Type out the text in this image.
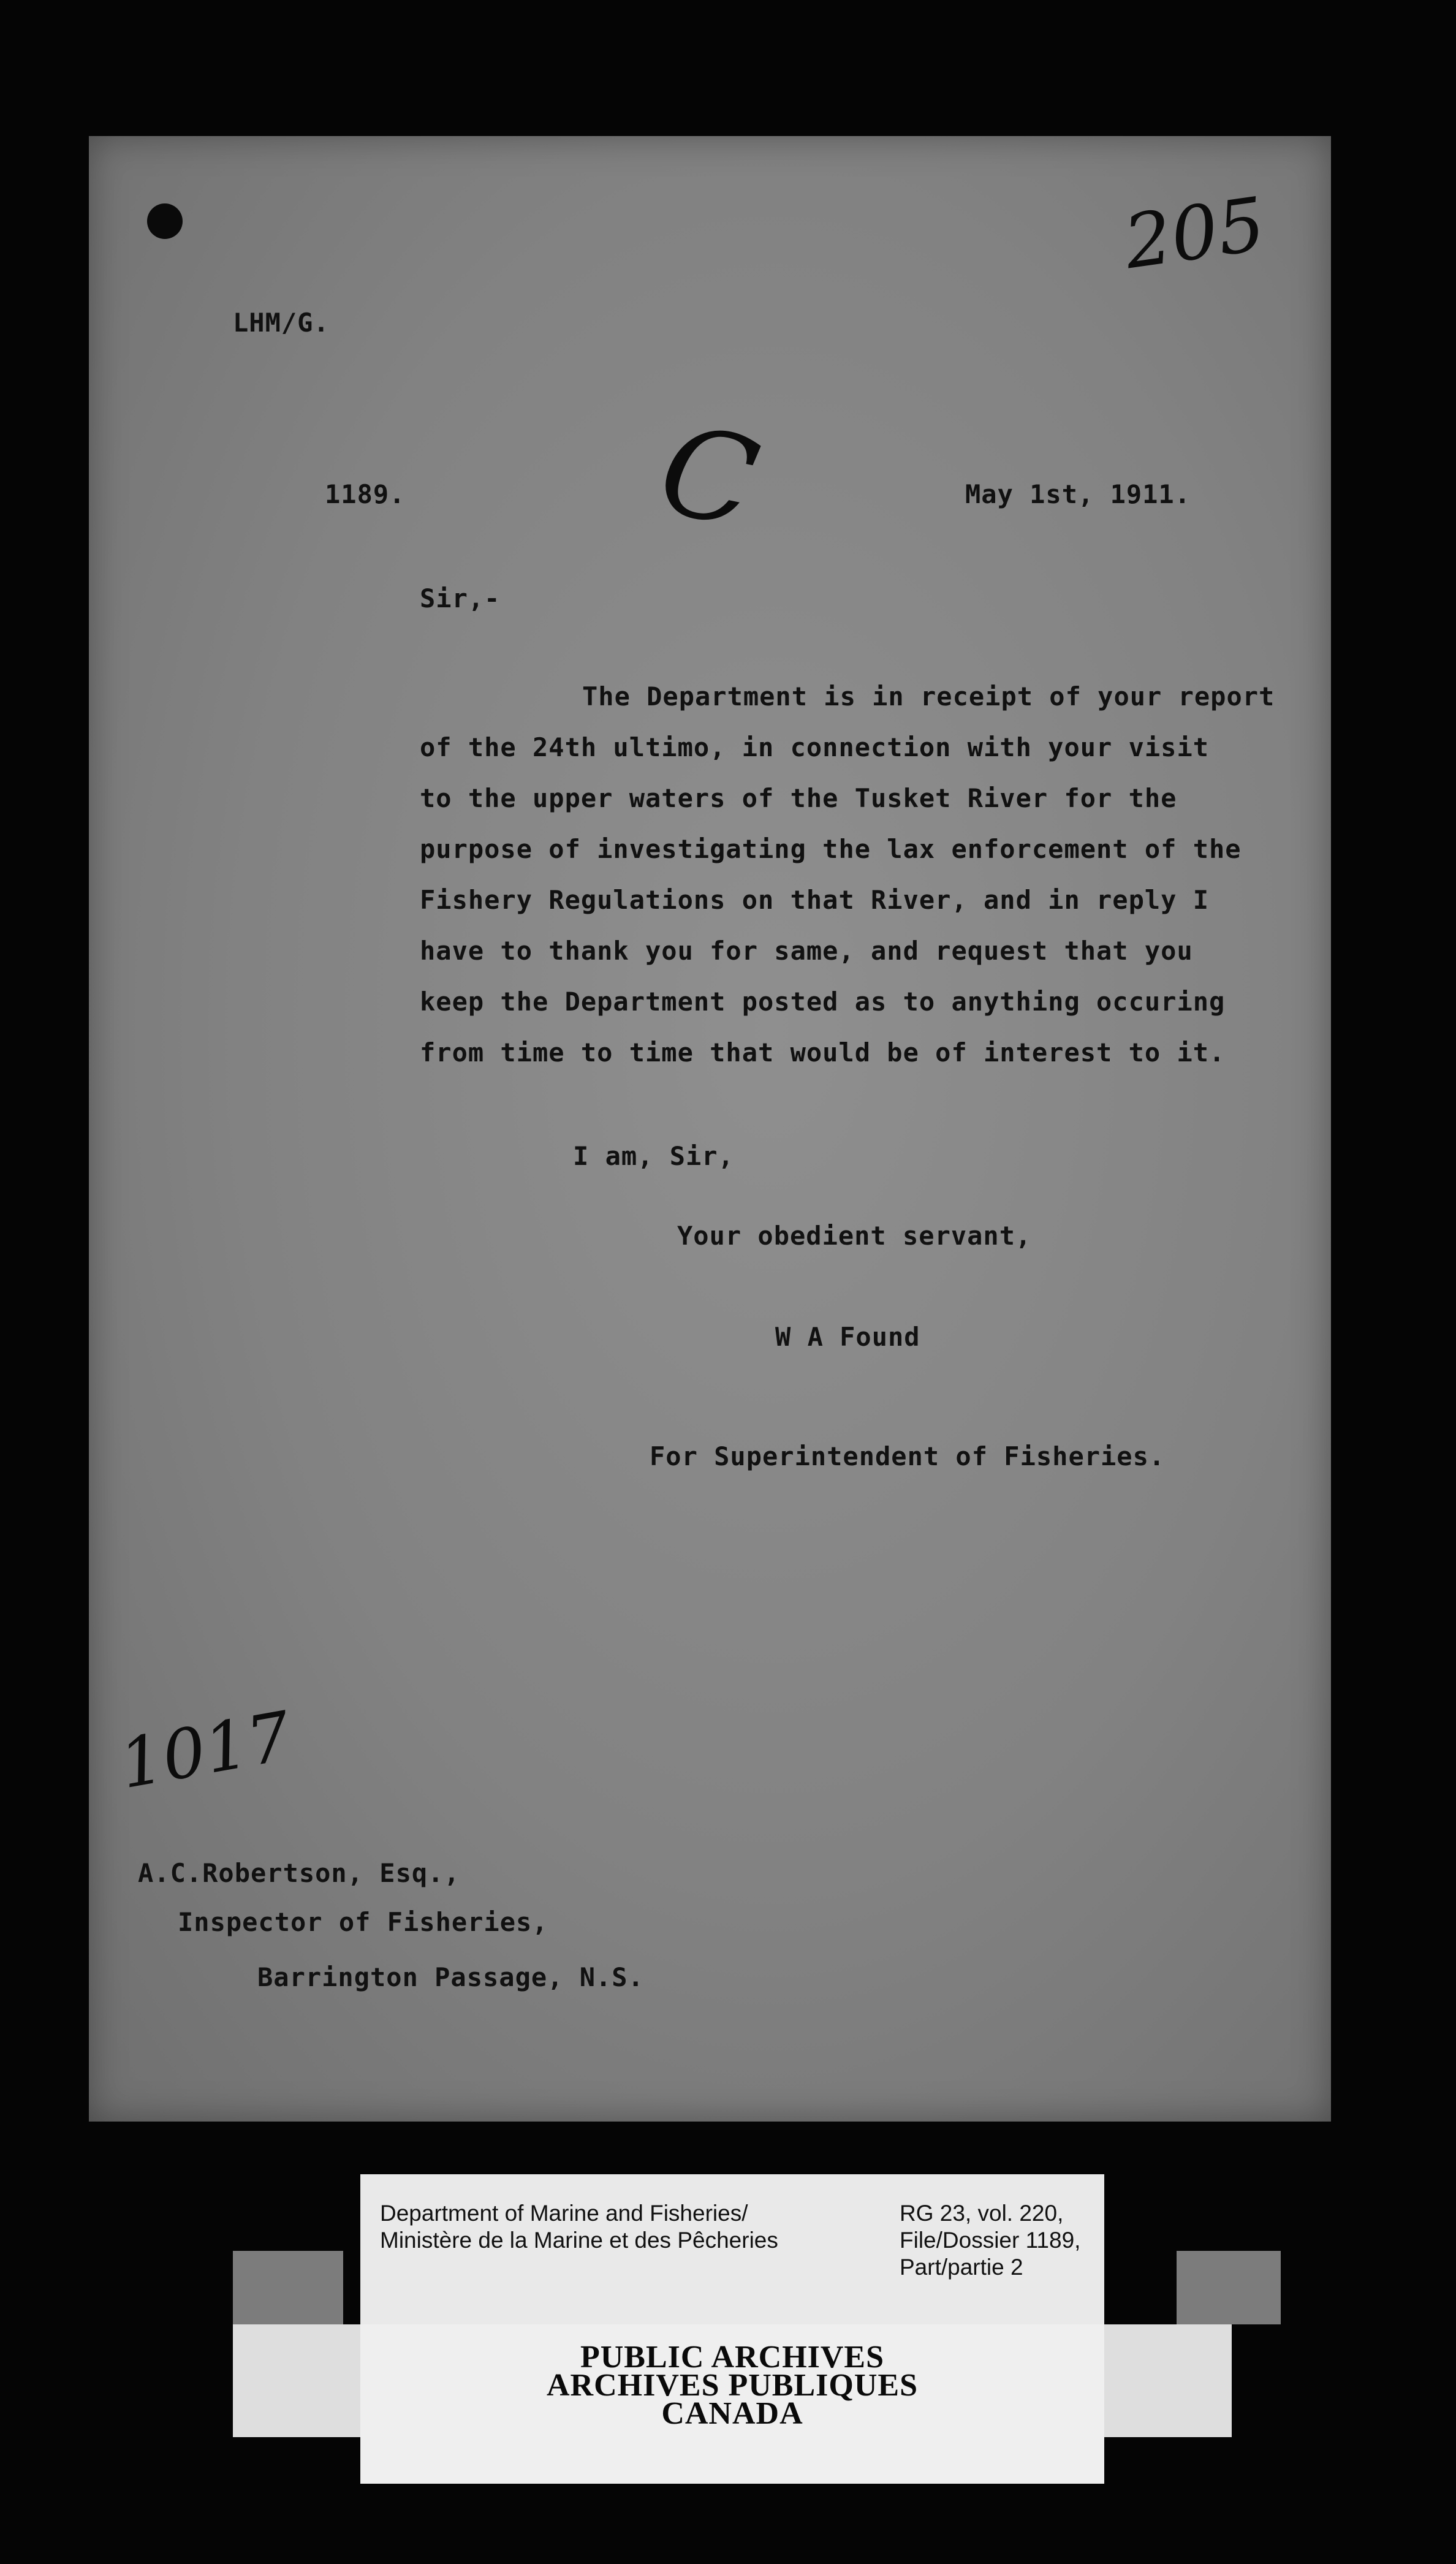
205
LHM/G.
1189. C	May 1st, 1911.
Sir,-
The Department is in receipt of your report
of the 24th ultimo, in connection with your visit
to the upper waters of the Tusket River for the
purpose of investigating the lax enforcement of the
Fishery Regulations on that River, and in reply I
have to thank you for same, and request that you
keep the Department posted as to anything occuring
from time to time that would be of interest to it.
I am, Sir,
Your obedient servant,
W A Found
For Superintendent of Fisheries.
1017
A.C.Robertson, Esq.,
Inspector of Fisheries,
Barrington Passage, N.S.
Department of Marine and Fisheries/
Ministère de la Marine et des Pêcheries
RG 23, vol. 220,
File/Dossier 1189,
Part/partie 2
PUBLIC ARCHIVES
ARCHIVES PUBLIQUES
CANADA
